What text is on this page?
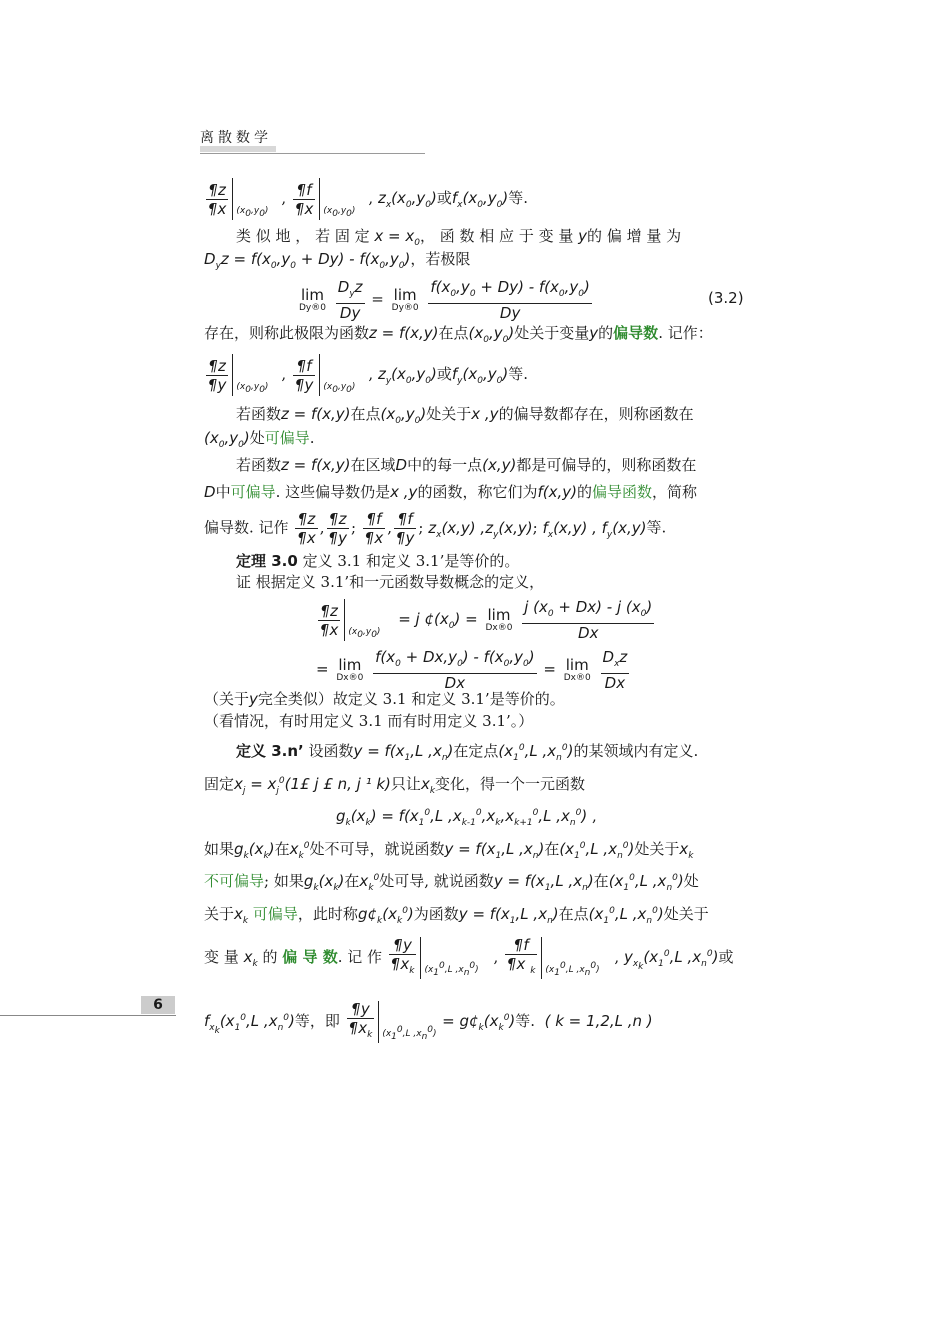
离散数学
$\frac{\P z}{\P x} (x_0,y_0)$
, $\frac{\P f}{\P x} (x_0,y_0)$
, $z_x(x_0,y_0)$或$f_x(x_0,y_0)$等.
类 似 地 ， 若 固 定 $x = x_0$， 函 数 相 应 于 变 量 y的 偏 增 量 为
$D_yz = f(x_0,y_0 + Dy) - f(x_0,y_0)$，若极限
lim
Dy®0
$\frac{D_yz}{Dy} = \lim$
Dy®0
$\frac{f(x_0,y_0 + Dy) - f(x_0,y_0)}{Dy}$	(3.2)
存在，则称此极限为函数z = f(x,y)在点$(x_0,y_0)$处关于变量y的偏导数. 记作：
$\frac{\P z}{\P y} (x_0,y_0)$
, $\frac{\P f}{\P y} (x_0,y_0)$
, $z_y(x_0,y_0)$或$f_y(x_0,y_0)$等.
若函数z = f(x,y)在点$(x_0,y_0)$处关于x ,y的偏导数都存在，则称函数在
$(x_0,y_0)$处可偏导.
若函数z = f(x,y)在区域D中的每一点(x,y)都是可偏导的，则称函数在
D中可偏导. 这些偏导数仍是x ,y的函数，称它们为f(x,y)的偏导函数，简称
偏导数. 记作 $\frac{\P z}{\P x}$ , $\frac{\P z}{\P y}$ ; $\frac{\P f}{\P x}$ , $\frac{\P f}{\P y}$ ; $z_x(x,y)$ $,z_y(x,y)$; $f_x(x,y)$ , $f_y(x,y)$等.
定理 3.0 定义 3.1 和定义 3.1’是等价的。
证 根据定义 3.1’和一元函数导数概念的定义，
$\frac{\P z}{\P x} (x_0,y_0)$
= j $¢(x_0) = \lim$
Dx®0
$\frac{j (x_0 + Dx) - j (x_0)}{Dx}$
= lim
Dx®0
$\frac{f(x_0 + Dx,y_0) - f(x_0,y_0)}{Dx} = \lim$
Dx®0
$\frac{D_xz}{Dx}$
（关于y完全类似）故定义 3.1 和定义 3.1’是等价的。
（看情况，有时用定义 3.1 而有时用定义 3.1’。）
定义 3.n’ 设函数$y = f(x_1,L$ $,x_n$)在定点($x_1^0,L$ $,x_n^0$)的某领域内有定义.
固定$x_j$ = $x_j^0(1£$ j £ n, j ¹ k)只让$x_k$变化，得一个一元函数
$g_k(x_k) = f(x_1^0,L$ $,x_{k-1}^0,x_k,x_{k+1}^0,L$ $,x_n^0$) ,
如果$g_k(x_k)$在$x_k^0$处不可导，就说函数$y = f(x_1,L$ $,x_n$)在($x_1^0,L$ $,x_n^0$)处关于$x_k$
不可偏导; 如果$g_k(x_k)$在$x_k^0$处可导, 就说函数$y = f(x_1,L$ $,x_n$)在($x_1^0,L$ $,x_n^0$)处
关于$x_k$ 可偏导，此时称$g¢_k(x_k^0)$为函数$y = f(x_1,L$ $,x_n$)在点($x_1^0,L$ $,x_n^0$)处关于
变 量 $x_k$ 的 偏 导 数. 记 作 $\frac{\P y}{\P x_k} (x_1^0,L$ $,x_n^0$)
, $\frac{\P f}{\P x _k} (x_1^0,L$ $,x_n^0$)
, $y_{x_k}(x_1^0,L$ $,x_n^0$)或
6
$f_{x_k}(x_1^0,L$ $,x_n^0$)等，即 $\frac{\P y}{\P x_k} (x_1^0,L$ $,x_n^0$)
= $g¢_k(x_k^0)$等. ( k = 1,2,L ,n )
